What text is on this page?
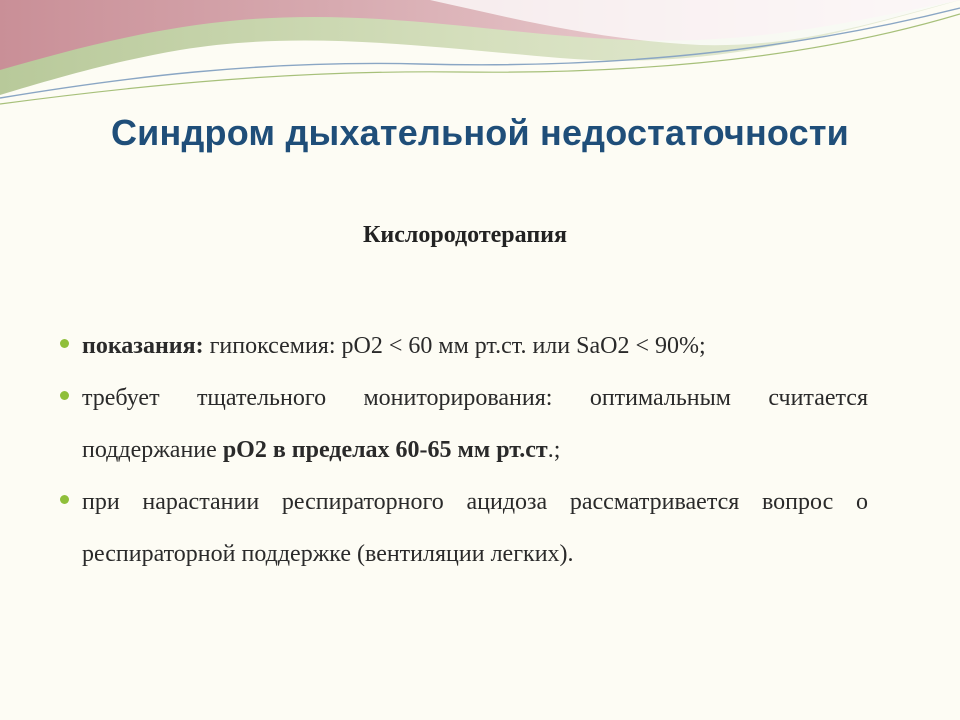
Синдром дыхательной недостаточности
Кислородотерапия
показания: гипоксемия: pO2 < 60 мм рт.ст. или SaO2 < 90%;
требует тщательного мониторирования: оптимальным считается поддержание pO2 в пределах 60-65 мм рт.ст.;
при нарастании респираторного ацидоза рассматривается вопрос о респираторной поддержке (вентиляции легких).
